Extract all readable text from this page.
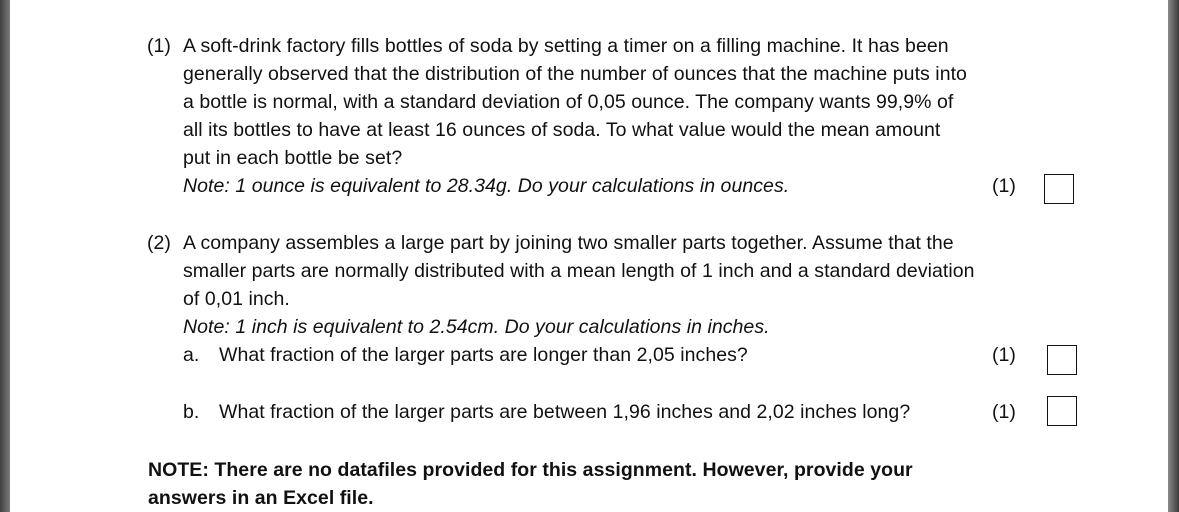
(1) A soft-drink factory fills bottles of soda by setting a timer on a filling machine. It has been
generally observed that the distribution of the number of ounces that the machine puts into
a bottle is normal, with a standard deviation of 0,05 ounce. The company wants 99,9% of
all its bottles to have at least 16 ounces of soda. To what value would the mean amount
put in each bottle be set?
Note: 1 ounce is equivalent to 28.34g. Do your calculations in ounces.	(1)
(2) A company assembles a large part by joining two smaller parts together. Assume that the
smaller parts are normally distributed with a mean length of 1 inch and a standard deviation
of 0,01 inch.
Note: 1 inch is equivalent to 2.54cm. Do your calculations in inches.
a. What fraction of the larger parts are longer than 2,05 inches?	(1)
b. What fraction of the larger parts are between 1,96 inches and 2,02 inches long?	(1)
NOTE: There are no datafiles provided for this assignment. However, provide your
answers in an Excel file.
